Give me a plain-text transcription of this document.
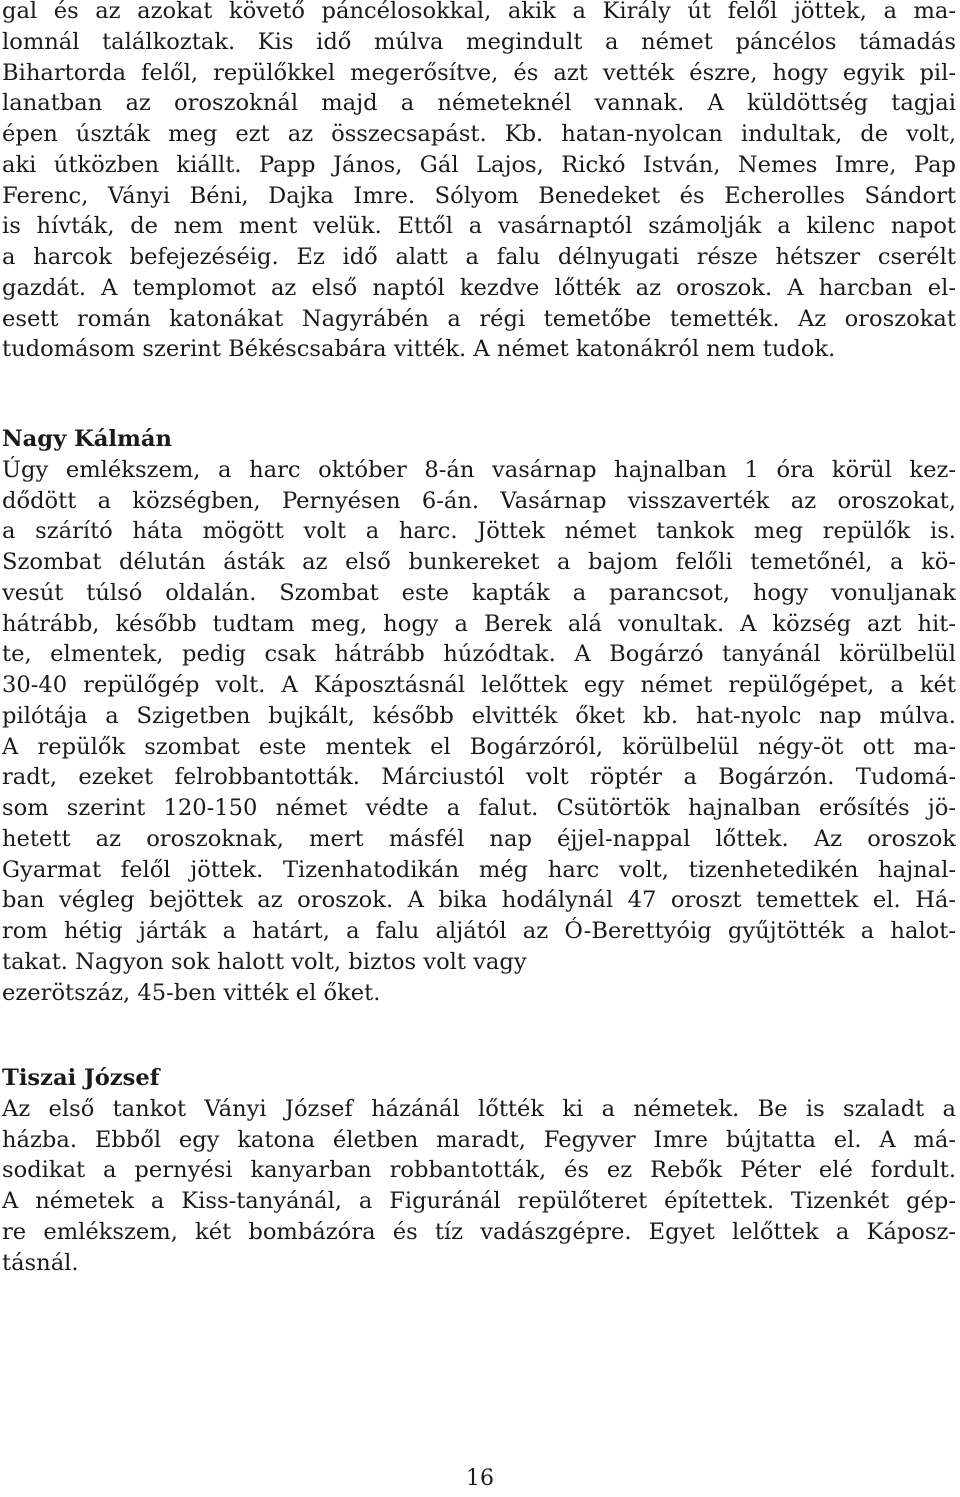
gal és az azokat követő páncélosokkal, akik a Király út felől jöttek, a ma-
lomnál találkoztak. Kis idő múlva megindult a német páncélos támadás
Bihartorda felől, repülőkkel megerősítve, és azt vették észre, hogy egyik pil-
lanatban az oroszoknál majd a németeknél vannak. A küldöttség tagjai
épen úszták meg ezt az összecsapást. Kb. hatan-nyolcan indultak, de volt,
aki útközben kiállt. Papp János, Gál Lajos, Rickó István, Nemes Imre, Pap
Ferenc, Ványi Béni, Dajka Imre. Sólyom Benedeket és Echerolles Sándort
is hívták, de nem ment velük. Ettől a vasárnaptól számolják a kilenc napot
a harcok befejezéséig. Ez idő alatt a falu délnyugati része hétszer cserélt
gazdát. A templomot az első naptól kezdve lőtték az oroszok. A harcban el-
esett román katonákat Nagyrábén a régi temetőbe temették. Az oroszokat
tudomásom szerint Békéscsabára vitték. A német katonákról nem tudok.
Nagy Kálmán
Úgy emlékszem, a harc október 8-án vasárnap hajnalban 1 óra körül kez-
dődött a községben, Pernyésen 6-án. Vasárnap visszaverték az oroszokat,
a szárító háta mögött volt a harc. Jöttek német tankok meg repülők is.
Szombat délután ásták az első bunkereket a bajom felőli temetőnél, a kö-
vesút túlsó oldalán. Szombat este kapták a parancsot, hogy vonuljanak
hátrább, később tudtam meg, hogy a Berek alá vonultak. A község azt hit-
te, elmentek, pedig csak hátrább húzódtak. A Bogárzó tanyánál körülbelül
30-40 repülőgép volt. A Káposztásnál lelőttek egy német repülőgépet, a két
pilótája a Szigetben bujkált, később elvitték őket kb. hat-nyolc nap múlva.
A repülők szombat este mentek el Bogárzóról, körülbelül négy-öt ott ma-
radt, ezeket felrobbantották. Márciustól volt röptér a Bogárzón. Tudomá-
som szerint 120-150 német védte a falut. Csütörtök hajnalban erősítés jö-
hetett az oroszoknak, mert másfél nap éjjel-nappal lőttek. Az oroszok
Gyarmat felől jöttek. Tizenhatodikán még harc volt, tizenhetedikén hajnal-
ban végleg bejöttek az oroszok. A bika hodálynál 47 oroszt temettek el. Há-
rom hétig járták a határt, a falu aljától az Ó-Berettyóig gyűjtötték a halot-
takat. Nagyon sok halott volt, biztos volt vagy
ezerötszáz, 45-ben vitték el őket.
Tiszai József
Az első tankot Ványi József házánál lőtték ki a németek. Be is szaladt a
házba. Ebből egy katona életben maradt, Fegyver Imre bújtatta el. A má-
sodikat a pernyési kanyarban robbantották, és ez Rebők Péter elé fordult.
A németek a Kiss-tanyánál, a Figuránál repülőteret építettek. Tizenkét gép-
re emlékszem, két bombázóra és tíz vadászgépre. Egyet lelőttek a Káposz-
tásnál.
16
